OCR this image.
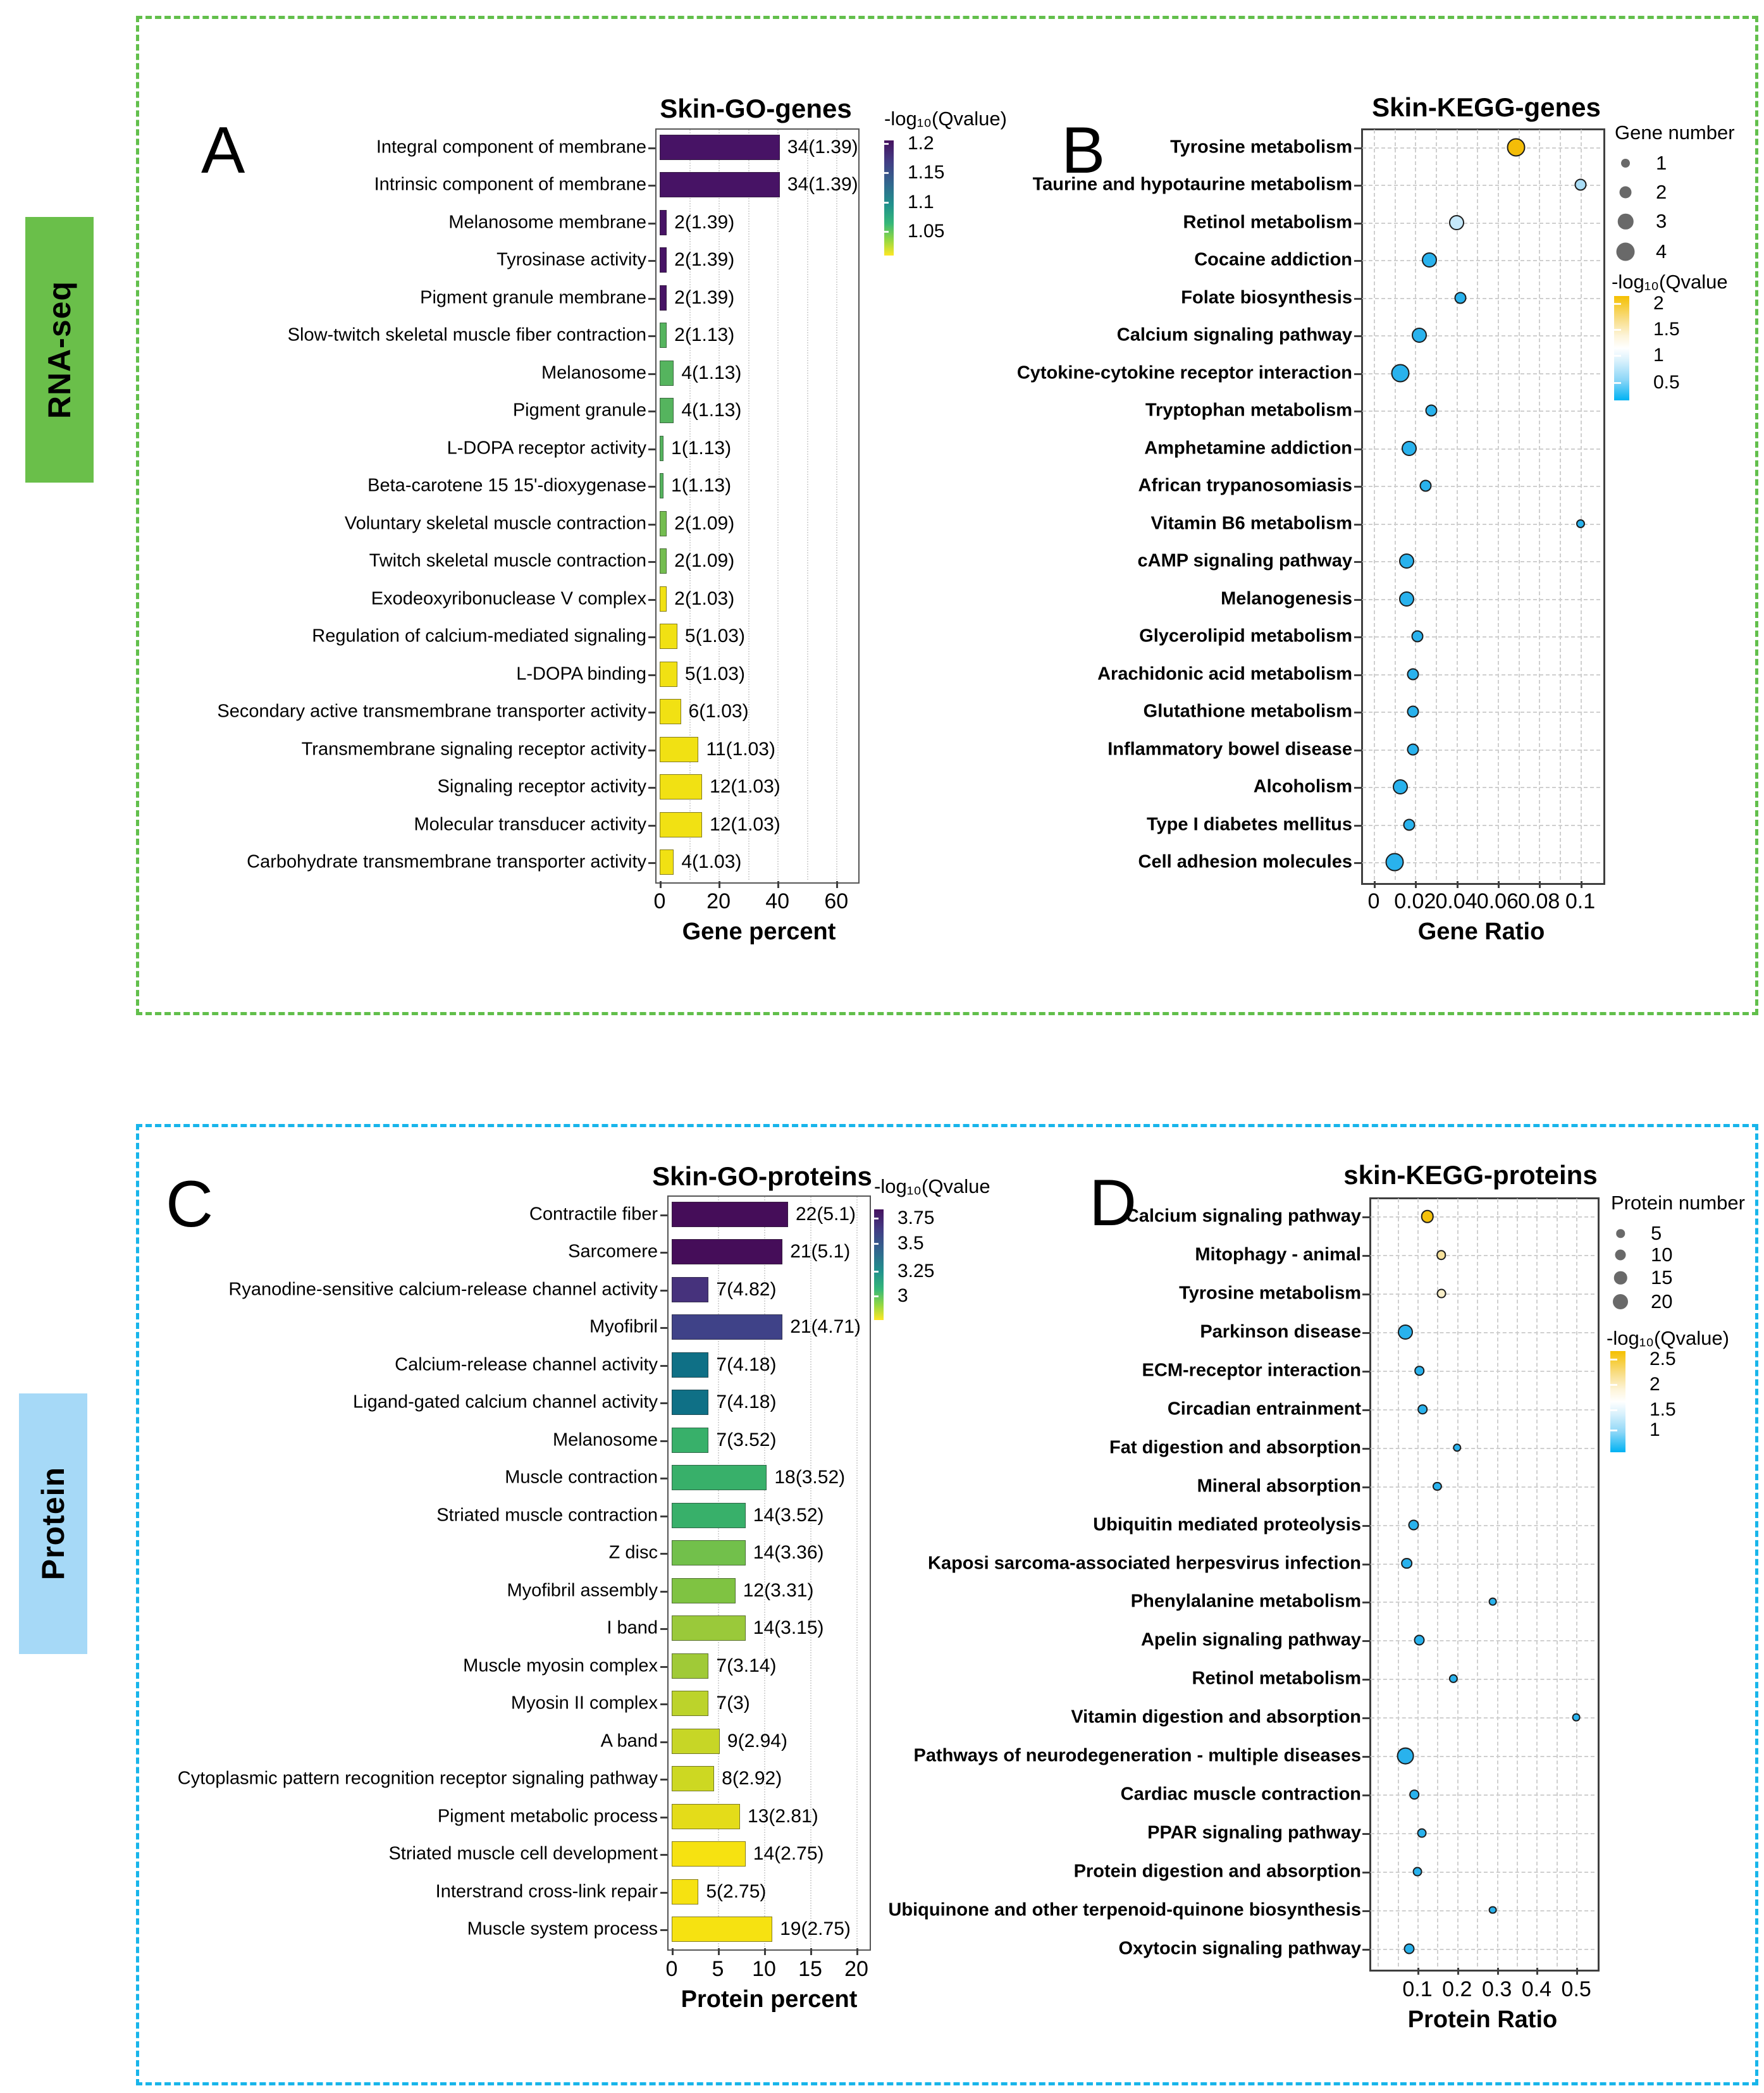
RNA-seq
Protein
A
Skin-GO-genes
Integral component of membrane	34(1.39)
Intrinsic component of membrane	34(1.39)
Melanosome membrane 2(1.39)
Tyrosinase activity 2(1.39)
Pigment granule membrane 2(1.39)
Slow-twitch skeletal muscle fiber contraction 2(1.13)
Melanosome 4(1.13)
Pigment granule 4(1.13)
L-DOPA receptor activity 1(1.13)
Beta-carotene 15 15'-dioxygenase 1(1.13)
Voluntary skeletal muscle contraction 2(1.09)
Twitch skeletal muscle contraction 2(1.09)
Exodeoxyribonuclease V complex 2(1.03)
Regulation of calcium-mediated signaling 5(1.03)
L-DOPA binding 5(1.03)
Secondary active transmembrane transporter activity 6(1.03)
Transmembrane signaling receptor activity	11(1.03)
Signaling receptor activity	12(1.03)
Molecular transducer activity	12(1.03)
Carbohydrate transmembrane transporter activity 4(1.03)
0 20 40 60
Gene percent
-log₁₀(Qvalue)
1.2
1.15
1.1
1.05
B
Skin-KEGG-genes
Tyrosine metabolism
Taurine and hypotaurine metabolism
Retinol metabolism
Cocaine addiction
Folate biosynthesis
Calcium signaling pathway
Cytokine-cytokine receptor interaction
Tryptophan metabolism
Amphetamine addiction
African trypanosomiasis
Vitamin B6 metabolism
cAMP signaling pathway
Melanogenesis
Glycerolipid metabolism
Arachidonic acid metabolism
Glutathione metabolism
Inflammatory bowel disease
Alcoholism
Type I diabetes mellitus
Cell adhesion molecules
0 0.02 0.04 0.06 0.08 0.1
Gene Ratio
Gene number
1
2
3
4
-log₁₀(Qvalue
2
1.5
1
0.5
C	Skin-GO-proteins
Contractile fiber	22(5.1)
Sarcomere	21(5.1)
Ryanodine-sensitive calcium-release channel activity	7(4.82)
Myofibril	21(4.71)
Calcium-release channel activity	7(4.18)
Ligand-gated calcium channel activity	7(4.18)
Melanosome	7(3.52)
Muscle contraction	18(3.52)
Striated muscle contraction	14(3.52)
Z disc	14(3.36)
Myofibril assembly	12(3.31)
I band	14(3.15)
Muscle myosin complex	7(3.14)
Myosin II complex	7(3)
A band	9(2.94)
Cytoplasmic pattern recognition receptor signaling pathway	8(2.92)
Pigment metabolic process	13(2.81)
Striated muscle cell development	14(2.75)
Interstrand cross-link repair	5(2.75)
Muscle system process	19(2.75)
0 5 10 15 20
Protein percent
-log₁₀(Qvalue
3.75
3.5
3.25
3
D	skin-KEGG-proteins
Calcium signaling pathway
Mitophagy - animal
Tyrosine metabolism
Parkinson disease
ECM-receptor interaction
Circadian entrainment
Fat digestion and absorption
Mineral absorption
Ubiquitin mediated proteolysis
Kaposi sarcoma-associated herpesvirus infection
Phenylalanine metabolism
Apelin signaling pathway
Retinol metabolism
Vitamin digestion and absorption
Pathways of neurodegeneration - multiple diseases
Cardiac muscle contraction
PPAR signaling pathway
Protein digestion and absorption
Ubiquinone and other terpenoid-quinone biosynthesis
Oxytocin signaling pathway
0.1 0.2 0.3 0.4 0.5
Protein Ratio
Protein number
5
10
15
20
-log₁₀(Qvalue)
2.5
2
1.5
1
